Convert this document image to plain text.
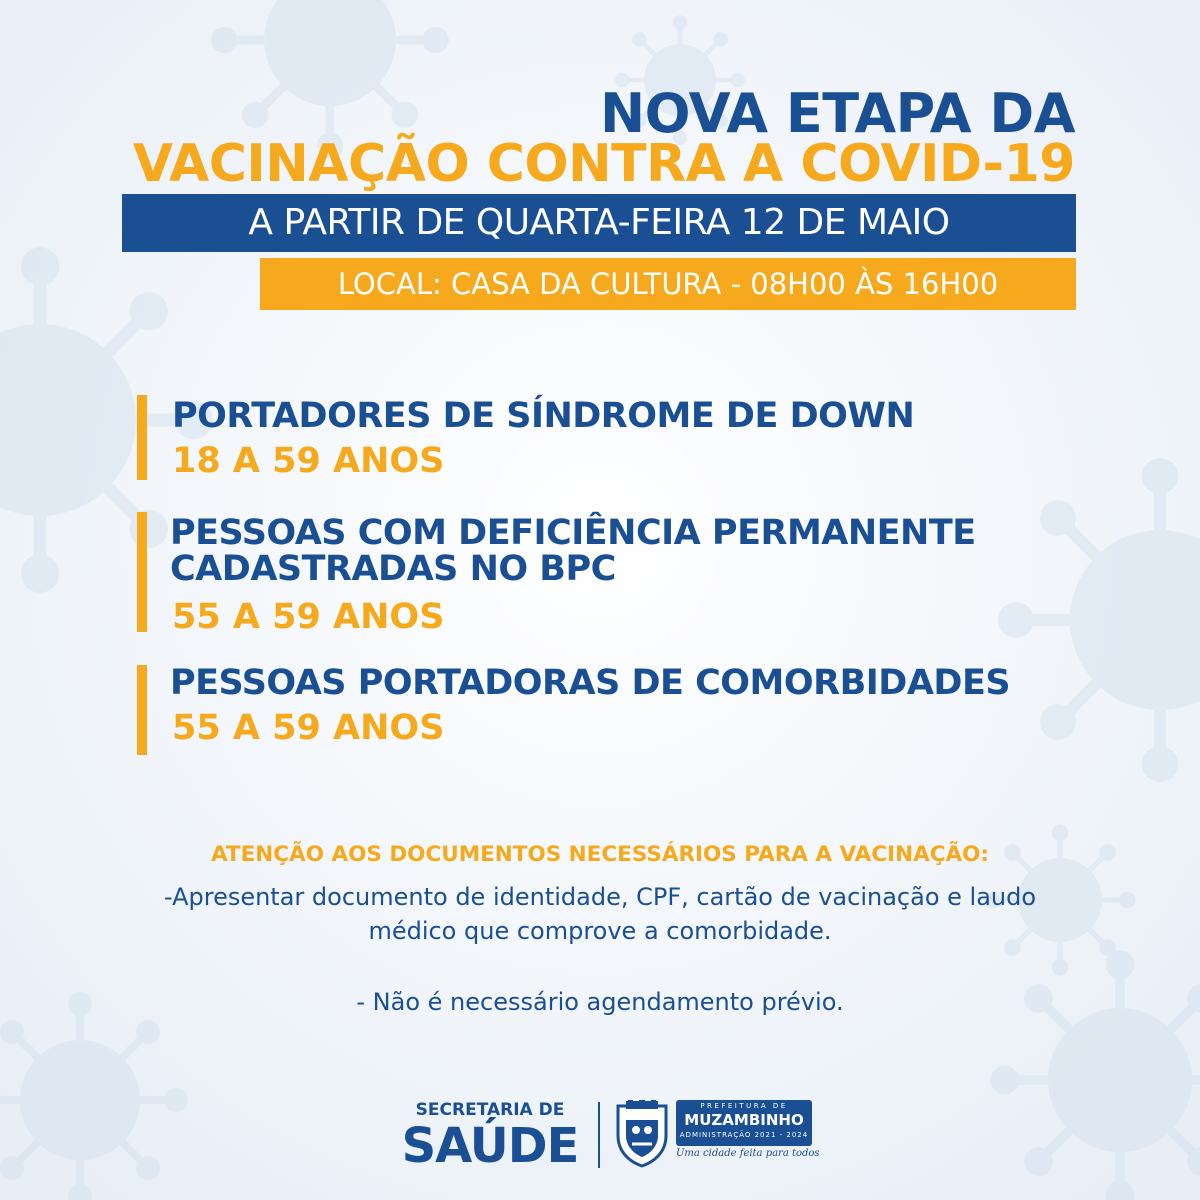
NOVA ETAPA DA
VACINAÇÃO CONTRA A COVID-19
A PARTIR DE QUARTA-FEIRA 12 DE MAIO
LOCAL: CASA DA CULTURA - 08H00 ÀS 16H00
PORTADORES DE SÍNDROME DE DOWN
18 A 59 ANOS
PESSOAS COM DEFICIÊNCIA PERMANENTE
CADASTRADAS NO BPC
55 A 59 ANOS
PESSOAS PORTADORAS DE COMORBIDADES
55 A 59 ANOS
ATENÇÃO AOS DOCUMENTOS NECESSÁRIOS PARA A VACINAÇÃO:
-Apresentar documento de identidade, CPF, cartão de vacinação e laudo
médico que comprove a comorbidade.
- Não é necessário agendamento prévio.
SECRETARIA DE
SAÚDE
PREFEITURA DE
MUZAMBINHO
ADMINISTRAÇÃO 2021 - 2024
Uma cidade feita para todos
